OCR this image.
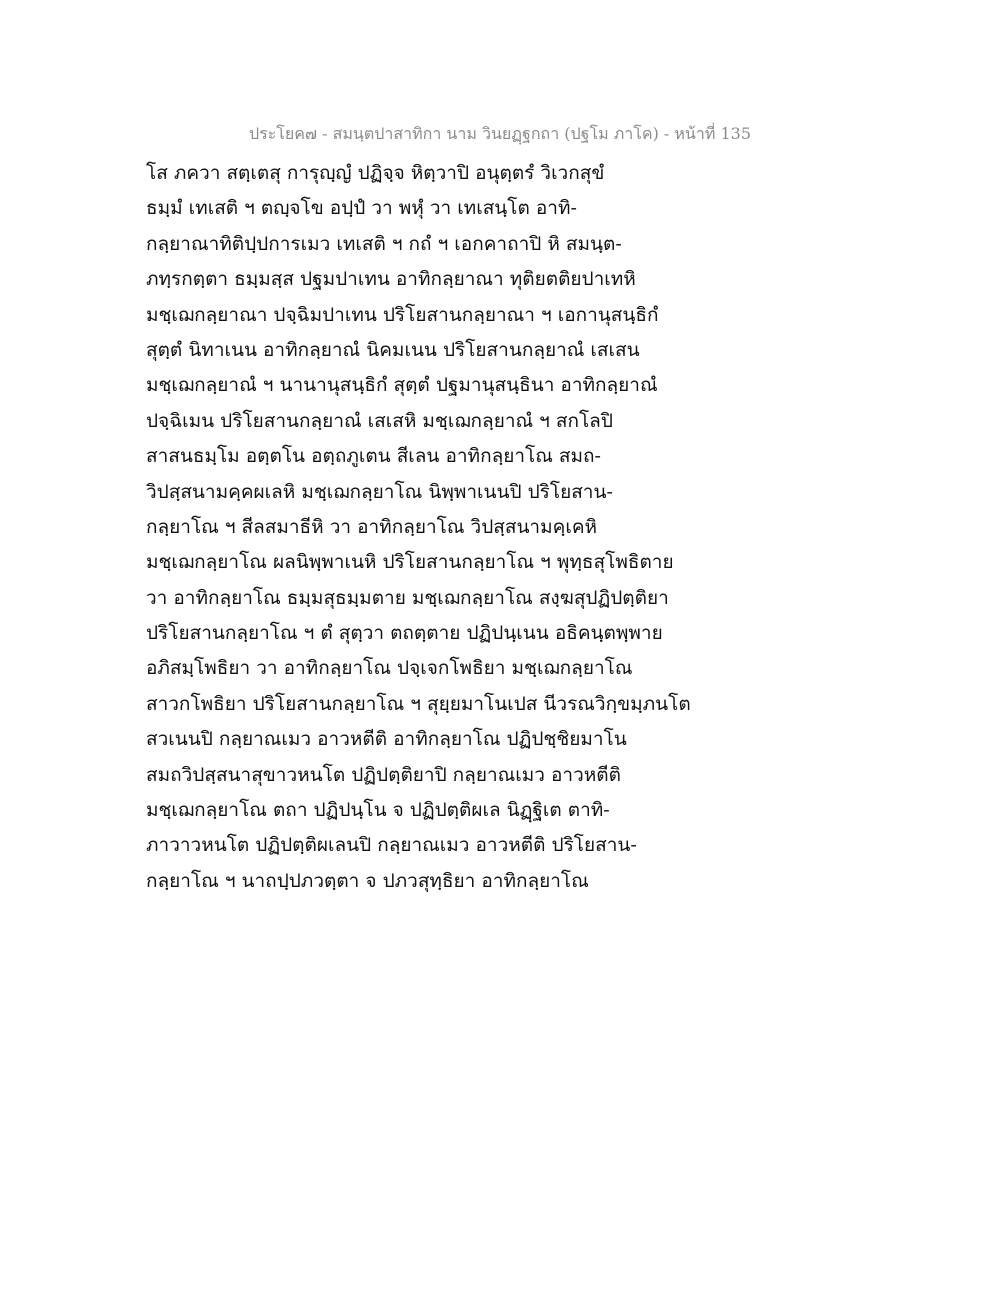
ประโยค๗ - สมนฺตปาสาทิกา นาม วินยฏฺฐกถา (ปฐโม ภาโค) - หน้าที่ 135
โส ภควา สตฺเตสุ การุญฺญํ ปฏิจฺจ หิตฺวาปิ อนุตฺตรํ วิเวกสุขํ
ธมฺมํ เทเสติ ฯ ตญฺจโข อปฺปํ วา พหุํ วา เทเสนฺโต อาทิ-
กลฺยาณาทิติปฺปการเมว เทเสติ ฯ กถํ ฯ เอกคาถาปิ หิ สมนฺต-
ภทฺรกตฺตา ธมฺมสฺส ปฐมปาเทน อาทิกลฺยาณา ทุติยตติยปาเทหิ
มชฺเฌกลฺยาณา ปจฺฉิมปาเทน ปริโยสานกลฺยาณา ฯ เอกานุสนฺธิกํ
สุตฺตํ นิทาเนน อาทิกลฺยาณํ นิคมเนน ปริโยสานกลฺยาณํ เสเสน
มชฺเฌกลฺยาณํ ฯ นานานุสนฺธิกํ สุตฺตํ ปฐมานุสนฺธินา อาทิกลฺยาณํ
ปจฺฉิเมน ปริโยสานกลฺยาณํ เสเสหิ มชฺเฌกลฺยาณํ ฯ สกโลปิ
สาสนธมฺโม อตฺตโน อตฺถภูเตน สีเลน อาทิกลฺยาโณ สมถ-
วิปสฺสนามคฺคผเลหิ มชฺเฌกลฺยาโณ นิพฺพาเนนปิ ปริโยสาน-
กลฺยาโณ ฯ สีลสมาธีหิ วา อาทิกลฺยาโณ วิปสฺสนามคฺเคหิ
มชฺเฌกลฺยาโณ ผลนิพฺพาเนหิ ปริโยสานกลฺยาโณ ฯ พุทฺธสุโพธิตาย
วา อาทิกลฺยาโณ ธมฺมสุธมฺมตาย มชฺเฌกลฺยาโณ สงฺฆสุปฏิปตฺติยา
ปริโยสานกลฺยาโณ ฯ ตํ สุตฺวา ตถตฺตาย ปฏิปนฺเนน อธิคนฺตพฺพาย
อภิสมฺโพธิยา วา อาทิกลฺยาโณ ปจฺเจกโพธิยา มชฺเฌกลฺยาโณ
สาวกโพธิยา ปริโยสานกลฺยาโณ ฯ สุยฺยมาโนเปส นีวรณวิกฺขมฺภนโต
สวเนนปิ กลฺยาณเมว อาวหตีติ อาทิกลฺยาโณ ปฏิปชฺชิยมาโน
สมถวิปสฺสนาสุขาวหนโต ปฏิปตฺติยาปิ กลฺยาณเมว อาวหตีติ
มชฺเฌกลฺยาโณ ตถา ปฏิปนฺโน จ ปฏิปตฺติผเล นิฏฺฐิเต ตาทิ-
ภาวาวหนโต ปฏิปตฺติผเลนปิ กลฺยาณเมว อาวหตีติ ปริโยสาน-
กลฺยาโณ ฯ นาถปฺปภวตฺตา จ ปภวสุทฺธิยา อาทิกลฺยาโณ
